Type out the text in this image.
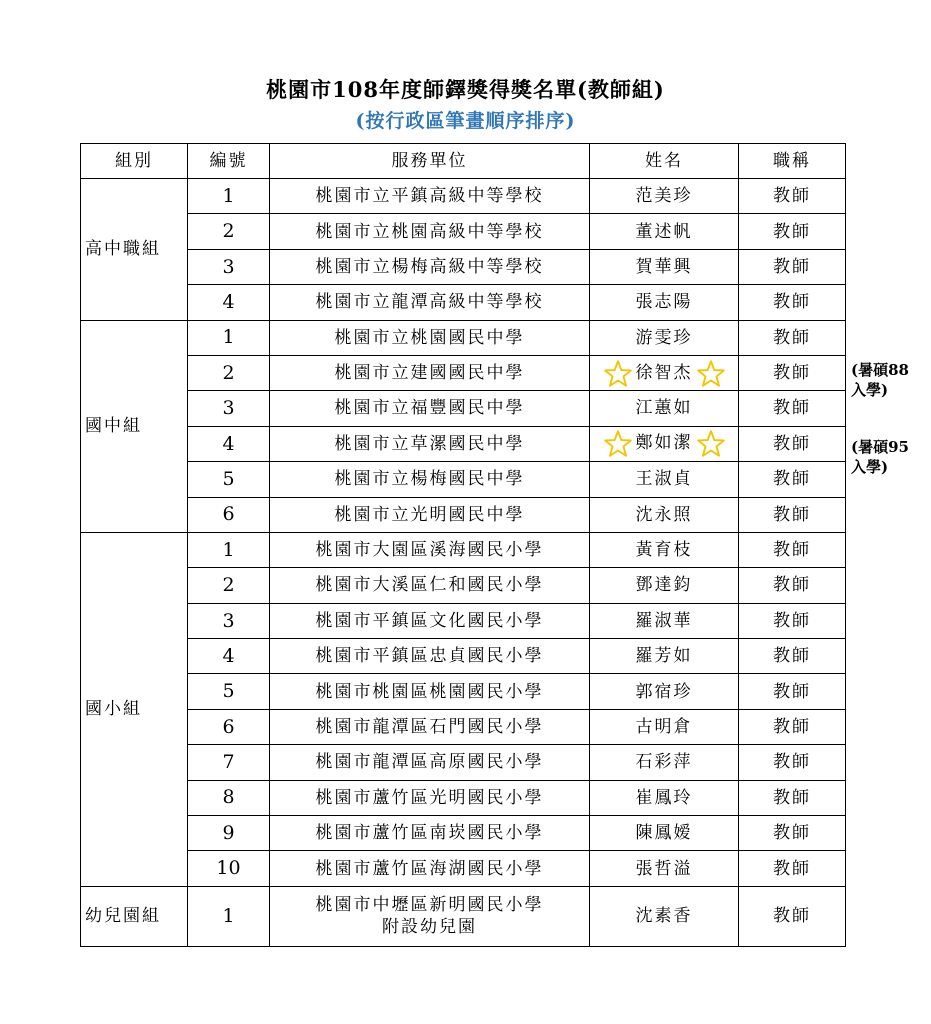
桃園市108年度師鐸獎得獎名單(教師組)
(按行政區筆畫順序排序)
組別	編號	服務單位	姓名	職稱
高中職組	1	桃園市立平鎮高級中等學校	范美珍	教師
	2	桃園市立桃園高級中等學校	董述帆	教師
	3	桃園市立楊梅高級中等學校	賀華興	教師
	4	桃園市立龍潭高級中等學校	張志陽	教師
國中組	1	桃園市立桃園國民中學	游雯珍	教師
	2	桃園市立建國國民中學	徐智杰	教師
	3	桃園市立福豐國民中學	江蕙如	教師
	4	桃園市立草漯國民中學	鄭如潔	教師
	5	桃園市立楊梅國民中學	王淑貞	教師
	6	桃園市立光明國民中學	沈永照	教師
國小組	1	桃園市大園區溪海國民小學	黃育枝	教師
	2	桃園市大溪區仁和國民小學	鄧達鈞	教師
	3	桃園市平鎮區文化國民小學	羅淑華	教師
	4	桃園市平鎮區忠貞國民小學	羅芳如	教師
	5	桃園市桃園區桃園國民小學	郭宿珍	教師
	6	桃園市龍潭區石門國民小學	古明倉	教師
	7	桃園市龍潭區高原國民小學	石彩萍	教師
	8	桃園市蘆竹區光明國民小學	崔鳳玲	教師
	9	桃園市蘆竹區南崁國民小學	陳鳳嫒	教師
	10	桃園市蘆竹區海湖國民小學	張哲溢	教師
幼兒園組	1	桃園市中壢區新明國民小學
附設幼兒園	沈素香	教師
(暑碩88
入學)
(暑碩95
入學)
